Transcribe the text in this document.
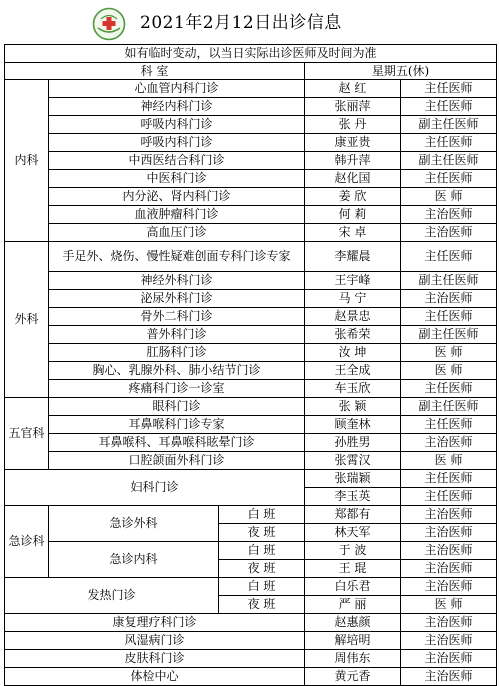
2021年2月12日出诊信息
如有临时变动，以当日实际出诊医师及时间为准				
科 室			星期五(休)	
内科	心血管内科门诊		赵 红	主任医师
	神经内科门诊		张丽萍	主任医师
	呼吸内科门诊		张 丹	副主任医师
	呼吸内科门诊		康亚贵	主任医师
	中西医结合科门诊		韩升萍	副主任医师
	中医科门诊		赵化国	主任医师
	内分泌、肾内科门诊		姜 欣	医 师
	血液肿瘤科门诊		何 莉	主治医师
	高血压门诊		宋 卓	主治医师
外科	手足外、烧伤、慢性疑难创面专科门诊专家		李耀晨	主任医师
	神经外科门诊		王宇峰	副主任医师
	泌尿外科门诊		马 宁	主治医师
	骨外二科门诊		赵景忠	主任医师
	普外科门诊		张希荣	副主任医师
	肛肠科门诊		汝 坤	医 师
	胸心、乳腺外科、肺小结节门诊		王全成	医 师
	疼痛科门诊一诊室		车玉欣	主任医师
五官科	眼科门诊		张 颖	副主任医师
	耳鼻喉科门诊专家		顾奎林	主任医师
	耳鼻喉科、耳鼻喉科眩晕门诊		孙胜男	主治医师
	口腔颌面外科门诊		张霄汉	医 师
妇科门诊			张瑞颖	主任医师
			李玉英	主任医师
急诊科	急诊外科	白 班	郑都有	主治医师
		夜 班	林天军	主治医师
	急诊内科	白 班	于 波	主治医师
		夜 班	王 琨	主治医师
发热门诊		白 班	白乐君	主治医师
		夜 班	严 丽	医 师
康复理疗科门诊			赵惠颜	主治医师
风湿病门诊			解培明	主治医师
皮肤科门诊			周伟东	主治医师
体检中心			黄元香	主治医师
